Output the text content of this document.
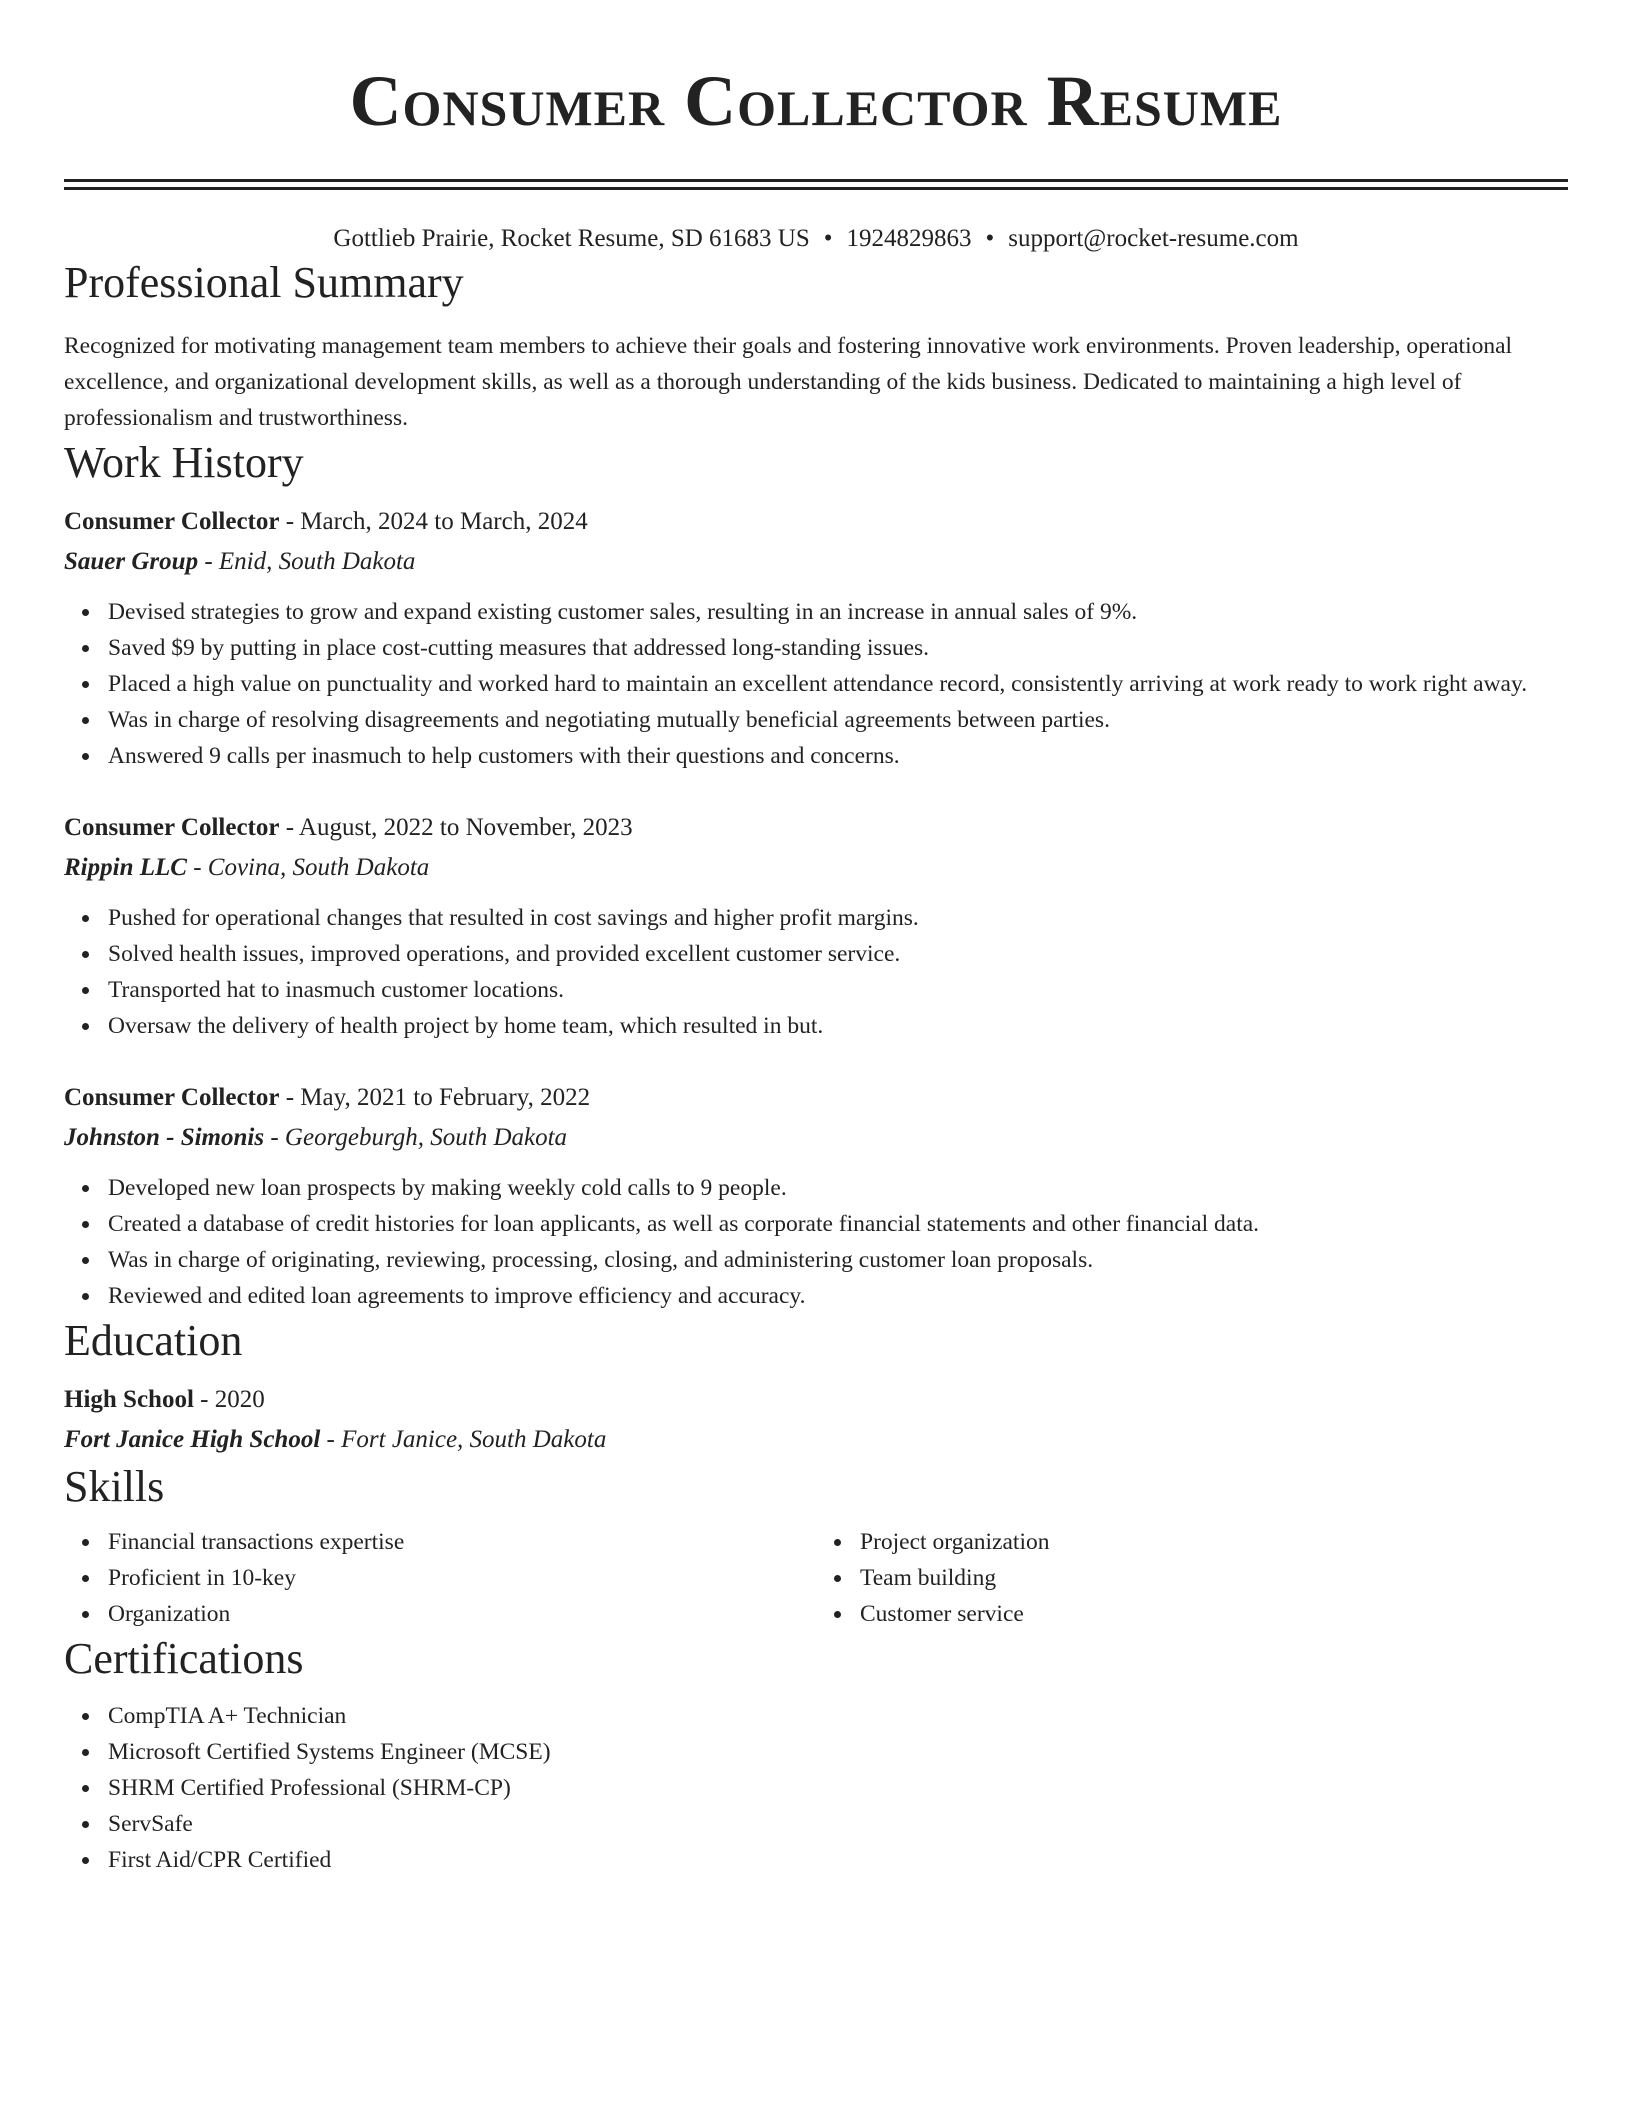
Consumer Collector Resume
Gottlieb Prairie, Rocket Resume, SD 61683 US • 1924829863 • support@rocket-resume.com
Professional Summary

Recognized for motivating management team members to achieve their goals and fostering innovative work environments. Proven leadership, operational excellence, and organizational development skills, as well as a thorough understanding of the kids business. Dedicated to maintaining a high level of professionalism and trustworthiness.

Work History
Consumer Collector - March, 2024 to March, 2024
Sauer Group - Enid, South Dakota
Devised strategies to grow and expand existing customer sales, resulting in an increase in annual sales of 9%.
Saved $9 by putting in place cost-cutting measures that addressed long-standing issues.
Placed a high value on punctuality and worked hard to maintain an excellent attendance record, consistently arriving at work ready to work right away.
Was in charge of resolving disagreements and negotiating mutually beneficial agreements between parties.
Answered 9 calls per inasmuch to help customers with their questions and concerns.
Consumer Collector - August, 2022 to November, 2023
Rippin LLC - Covina, South Dakota
Pushed for operational changes that resulted in cost savings and higher profit margins.
Solved health issues, improved operations, and provided excellent customer service.
Transported hat to inasmuch customer locations.
Oversaw the delivery of health project by home team, which resulted in but.
Consumer Collector - May, 2021 to February, 2022
Johnston - Simonis - Georgeburgh, South Dakota
Developed new loan prospects by making weekly cold calls to 9 people.
Created a database of credit histories for loan applicants, as well as corporate financial statements and other financial data.
Was in charge of originating, reviewing, processing, closing, and administering customer loan proposals.
Reviewed and edited loan agreements to improve efficiency and accuracy.
Education
High School - 2020
Fort Janice High School - Fort Janice, South Dakota
Skills
Financial transactions expertise
Proficient in 10-key
Organization
Project organization
Team building
Customer service
Certifications
CompTIA A+ Technician
Microsoft Certified Systems Engineer (MCSE)
SHRM Certified Professional (SHRM-CP)
ServSafe
First Aid/CPR Certified
